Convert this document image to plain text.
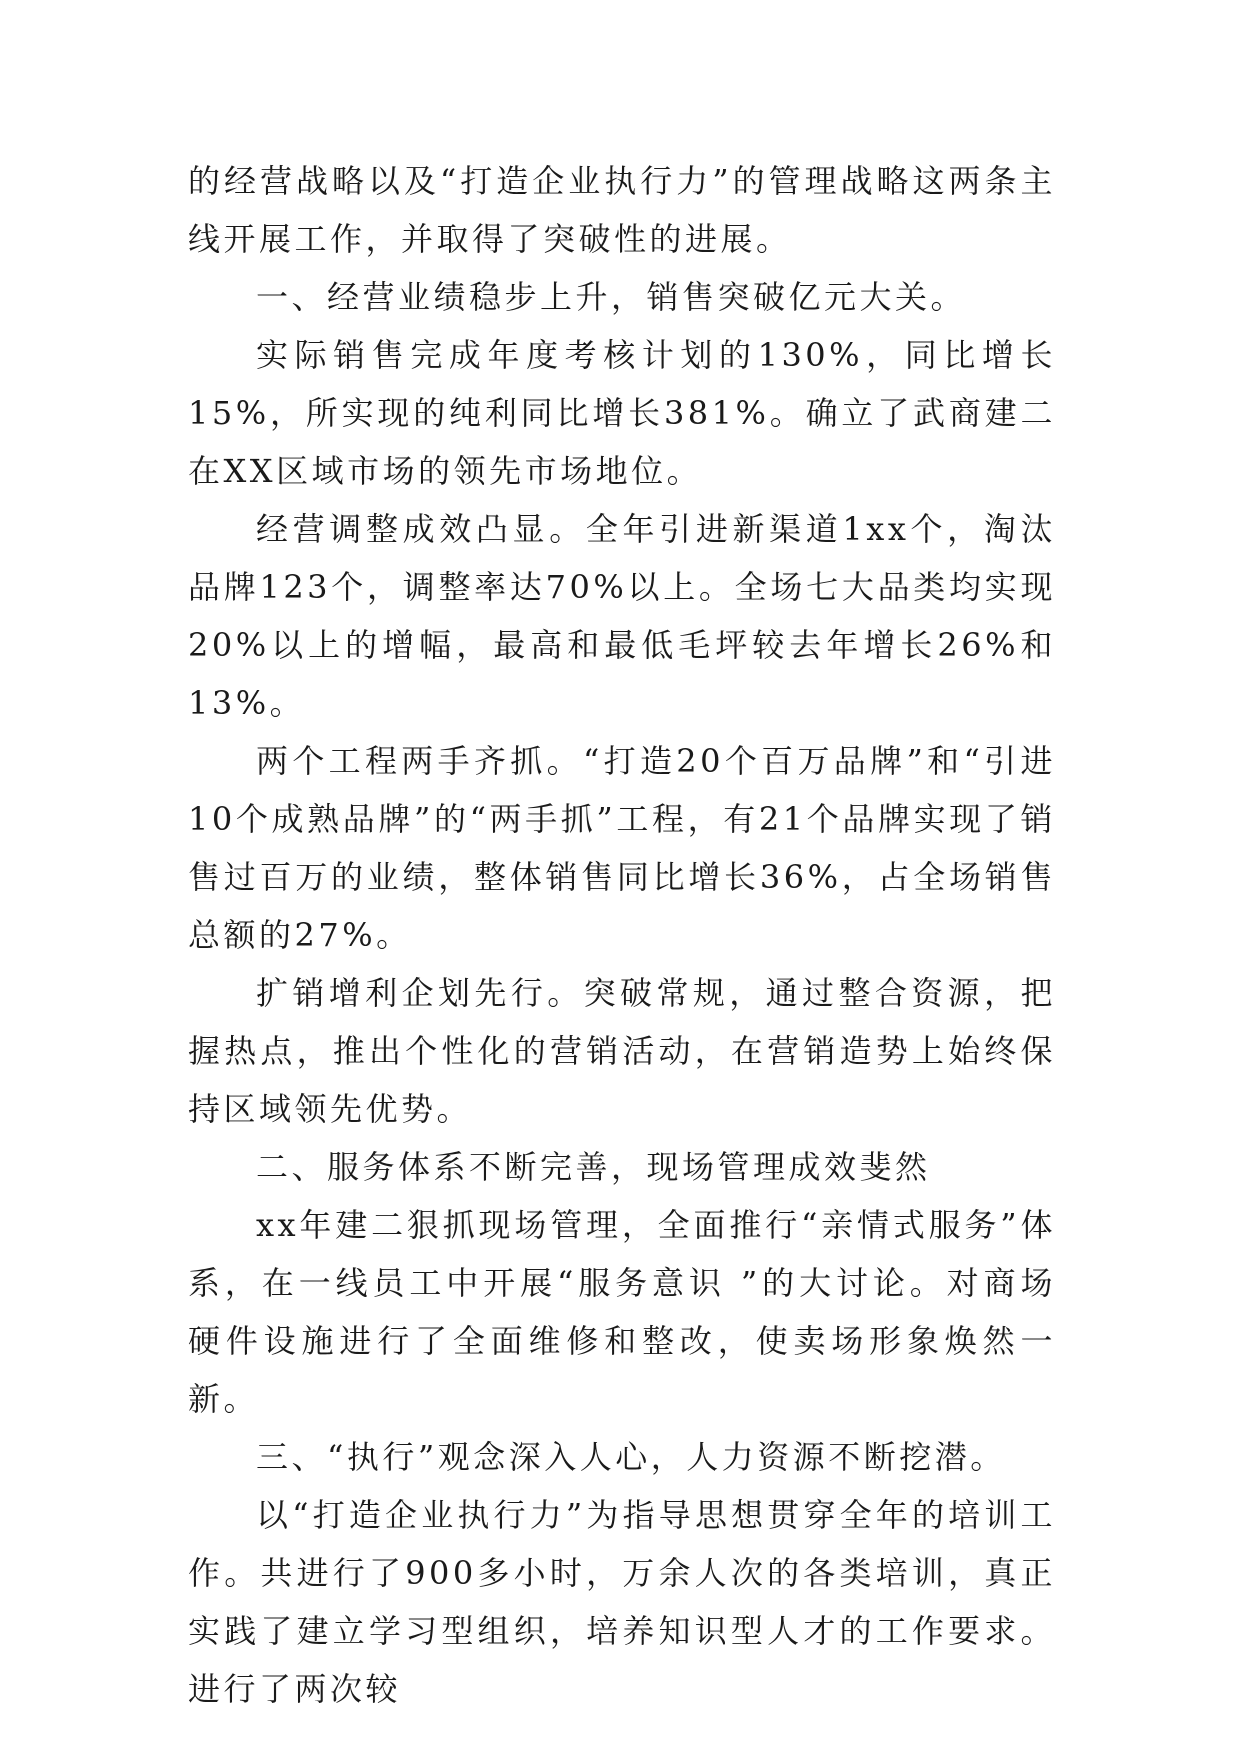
的经营战略以及“打造企业执行力”的管理战略这两条主线开展工作，并取得了突破性的进展。

一、经营业绩稳步上升，销售突破亿元大关。

实际销售完成年度考核计划的130%，同比增长15%，所实现的纯利同比增长381%。确立了武商建二在XX区域市场的领先市场地位。

经营调整成效凸显。全年引进新渠道1xx个，淘汰品牌123个，调整率达70%以上。全场七大品类均实现20%以上的增幅，最高和最低毛坪较去年增长26%和13%。

两个工程两手齐抓。“打造20个百万品牌”和“引进10个成熟品牌”的“两手抓”工程，有21个品牌实现了销售过百万的业绩，整体销售同比增长36%，占全场销售总额的27%。

扩销增利企划先行。突破常规，通过整合资源，把握热点，推出个性化的营销活动，在营销造势上始终保持区域领先优势。

二、服务体系不断完善，现场管理成效斐然

xx年建二狠抓现场管理，全面推行“亲情式服务”体系，在一线员工中开展“服务意识 ”的大讨论。对商场硬件设施进行了全面维修和整改，使卖场形象焕然一新。

三、“执行”观念深入人心，人力资源不断挖潜。

以“打造企业执行力”为指导思想贯穿全年的培训工作。共进行了900多小时，万余人次的各类培训，真正实践了建立学习型组织，培养知识型人才的工作要求。进行了两次较
